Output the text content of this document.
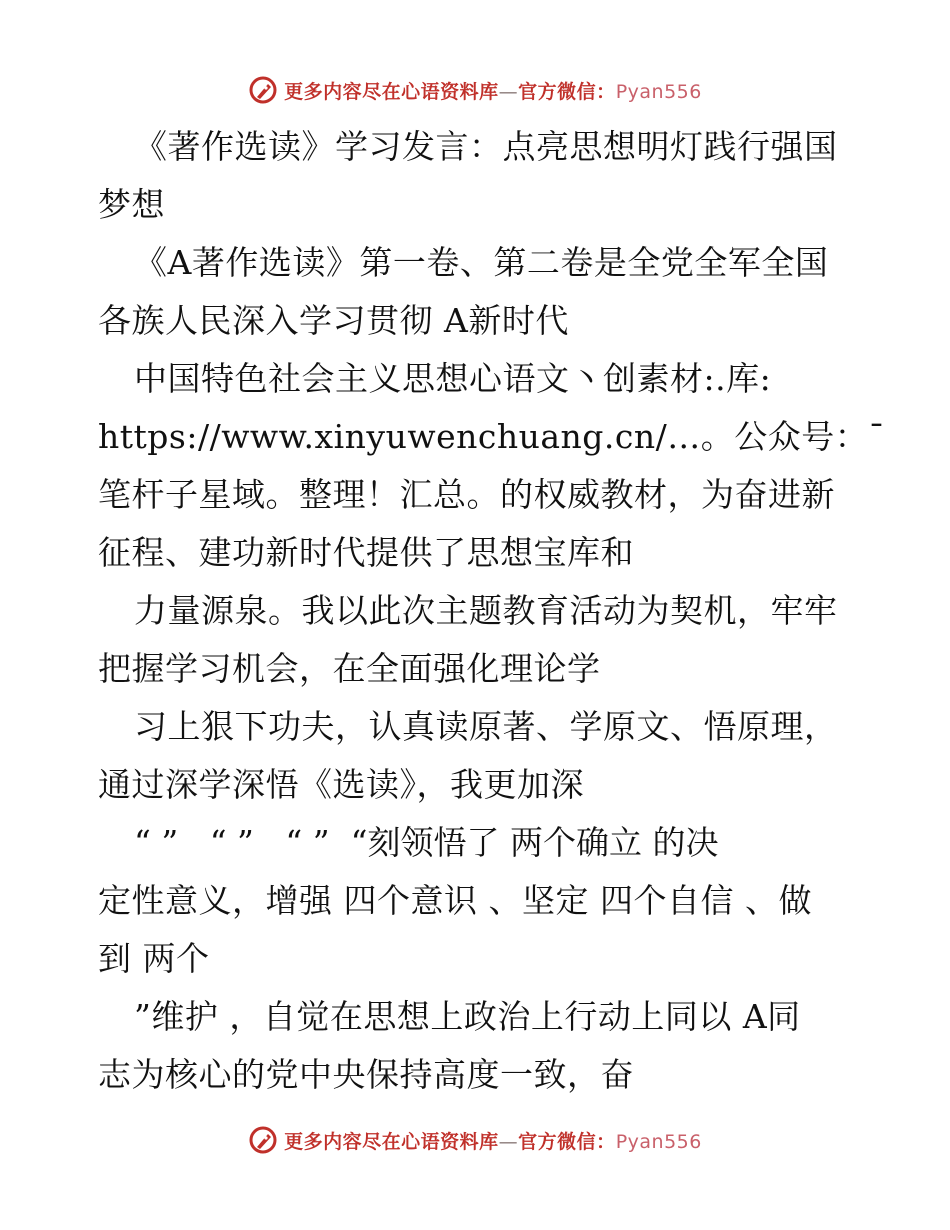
更多内容尽在心语资料库—官方微信：Pyan556
《著作选读》学习发言：点亮思想明灯践行强国
梦想
《A著作选读》第一卷、第二卷是全党全军全国
各族人民深入学习贯彻 A新时代
中国特色社会主义思想心语文丶创素材:.库:
https://www.xinyuwenchuang.cn/…。公众号：¯
笔杆子星域。整理！汇总。的权威教材，为奋进新
征程、建功新时代提供了思想宝库和
力量源泉。我以此次主题教育活动为契机，牢牢
把握学习机会，在全面强化理论学
习上狠下功夫，认真读原著、学原文、悟原理，
通过深学深悟《选读》，我更加深
“ ”   “ ”   “ ”  “刻领悟了 两个确立 的决
定性意义，增强 四个意识 、坚定 四个自信 、做
到 两个
”维护 ，自觉在思想上政治上行动上同以 A同
志为核心的党中央保持高度一致，奋
更多内容尽在心语资料库—官方微信：Pyan556
